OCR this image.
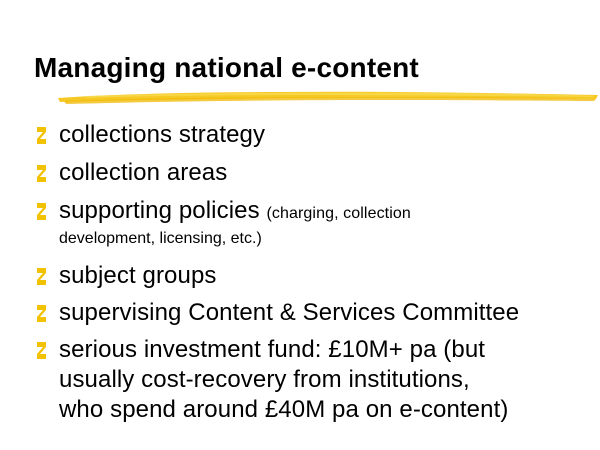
Managing national e-content
collections strategy
collection areas
supporting policies (charging, collection
development, licensing, etc.)
subject groups
supervising Content & Services Committee
serious investment fund: £10M+ pa (but
usually cost-recovery from institutions,
who spend around £40M pa on e-content)
